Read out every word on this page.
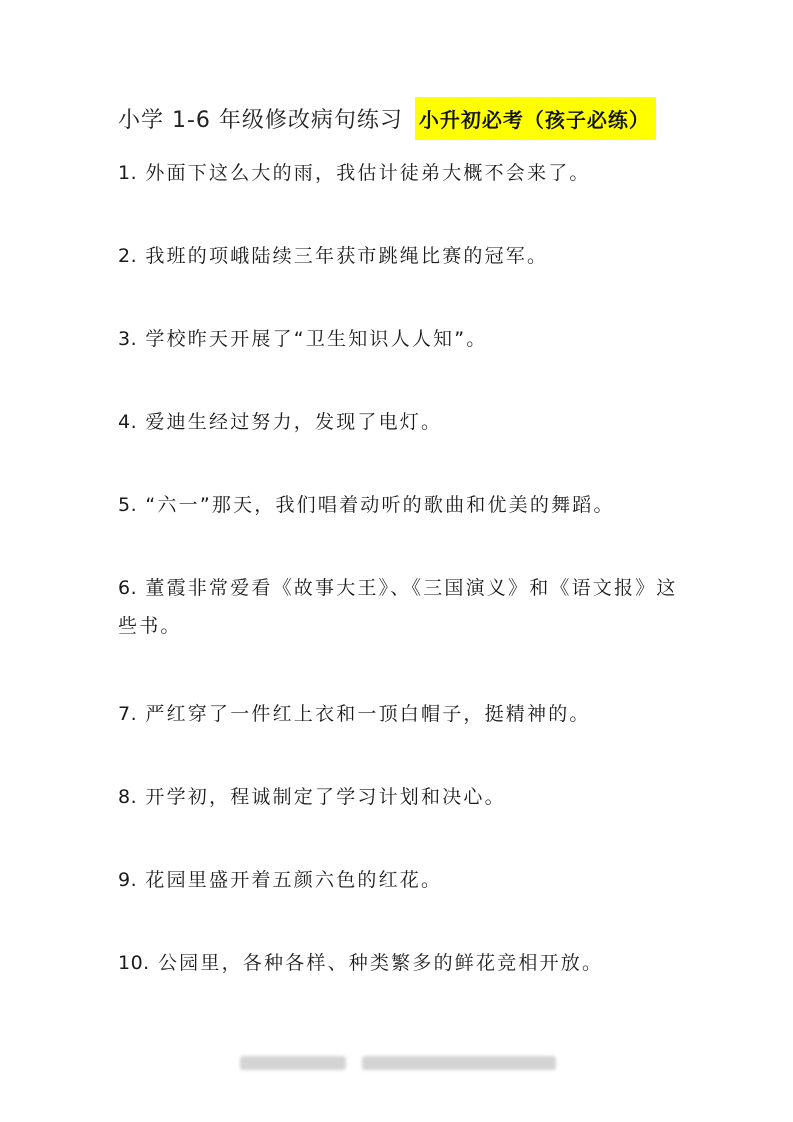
小学 1-6 年级修改病句练习 小升初必考（孩子必练）
1. 外面下这么大的雨，我估计徒弟大概不会来了。
2. 我班的项峨陆续三年获市跳绳比赛的冠军。
3. 学校昨天开展了“卫生知识人人知”。
4. 爱迪生经过努力，发现了电灯。
5. “六一”那天，我们唱着动听的歌曲和优美的舞蹈。
6. 董霞非常爱看《故事大王》、《三国演义》和《语文报》这些书。
7. 严红穿了一件红上衣和一顶白帽子，挺精神的。
8. 开学初，程诚制定了学习计划和决心。
9. 花园里盛开着五颜六色的红花。
10. 公园里，各种各样、种类繁多的鲜花竞相开放。
